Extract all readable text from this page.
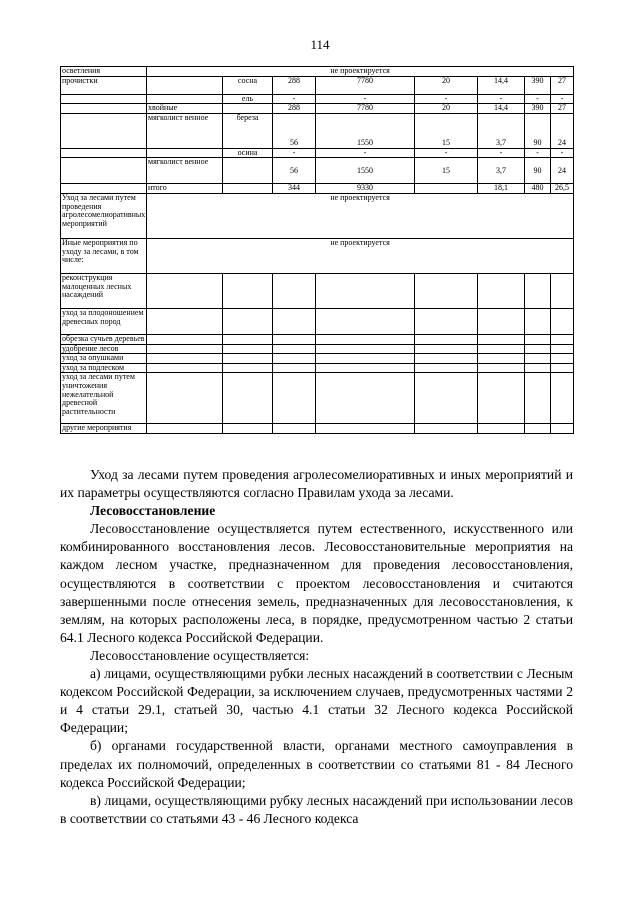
114
осветления	не проектируется							
прочистки		сосна	288	7780	20	14,4	390	27
		ель	-	-	-	-	-	-
	хвойные		288	7780	20	14,4	390	27
	мягколист венное	береза	56	1550	15	3,7	90	24
		осина	-	-	-	-	-	-
	мягколист венное		56	1550	15	3,7	90	24
	итого		344	9330		18,1	480	26,5
Уход за лесами путем проведения агролесомелиоративных мероприятий	не проектируется							
Иные мероприятия по уходу за лесами, в том числе:	не проектируется							
реконструкция малоценных лесных насаждений								
уход за плодоношением древесных пород								
обрезка сучьев деревьев								
удобрение лесов								
уход за опушками								
уход за подлеском								
уход за лесами путем уничтожения нежелательной древесной растительности								
другие мероприятия								

Уход за лесами путем проведения агролесомелиоративных и иных мероприятий и их параметры осуществляются согласно Правилам ухода за лесами.

Лесовосстановление

Лесовосстановление осуществляется путем естественного, искусственного или комбинированного восстановления лесов. Лесовосстановительные мероприятия на каждом лесном участке, предназначенном для проведения лесовосстановления, осуществляются в соответствии с проектом лесовосстановления и считаются завершенными после отнесения земель, предназначенных для лесовосстановления, к землям, на которых расположены леса, в порядке, предусмотренном частью 2 статьи 64.1 Лесного кодекса Российской Федерации.

Лесовосстановление осуществляется:

а) лицами, осуществляющими рубки лесных насаждений в соответствии с Лесным кодексом Российской Федерации, за исключением случаев, предусмотренных частями 2 и 4 статьи 29.1, статьей 30, частью 4.1 статьи 32 Лесного кодекса Российской Федерации;

б) органами государственной власти, органами местного самоуправления в пределах их полномочий, определенных в соответствии со статьями 81 - 84 Лесного кодекса Российской Федерации;

в) лицами, осуществляющими рубку лесных насаждений при использовании лесов в соответствии со статьями 43 - 46 Лесного кодекса
